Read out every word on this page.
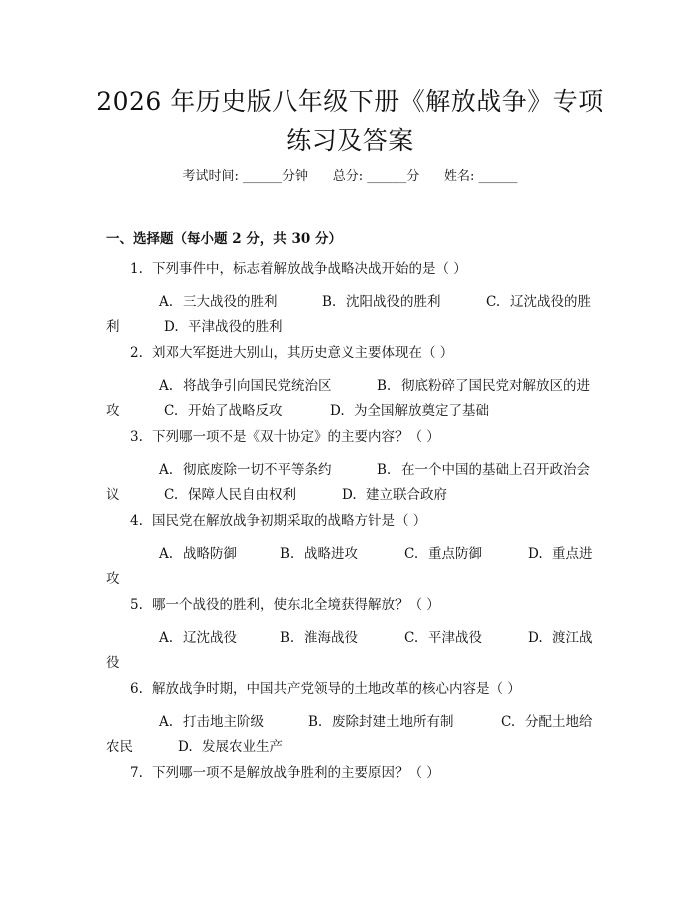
2026 年历史版八年级下册《解放战争》专项
练习及答案
考试时间: ______分钟      总分: ______分      姓名: ______
一、选择题（每小题 2 分，共 30 分）
1. 下列事件中，标志着解放战争战略决战开始的是（ ）
A. 三大战役的胜利	B. 沈阳战役的胜利	C. 辽沈战役的胜
利	D. 平津战役的胜利
2. 刘邓大军挺进大别山，其历史意义主要体现在（ ）
A. 将战争引向国民党统治区	B. 彻底粉碎了国民党对解放区的进
攻	C. 开始了战略反攻	D. 为全国解放奠定了基础
3. 下列哪一项不是《双十协定》的主要内容？（ ）
A. 彻底废除一切不平等条约	B. 在一个中国的基础上召开政治会
议	C. 保障人民自由权利	D. 建立联合政府
4. 国民党在解放战争初期采取的战略方针是（ ）
A. 战略防御	B. 战略进攻	C. 重点防御	D. 重点进
攻
5. 哪一个战役的胜利，使东北全境获得解放？（ ）
A. 辽沈战役	B. 淮海战役	C. 平津战役	D. 渡江战
役
6. 解放战争时期，中国共产党领导的土地改革的核心内容是（ ）
A. 打击地主阶级	B. 废除封建土地所有制	C. 分配土地给
农民	D. 发展农业生产
7. 下列哪一项不是解放战争胜利的主要原因？（ ）
